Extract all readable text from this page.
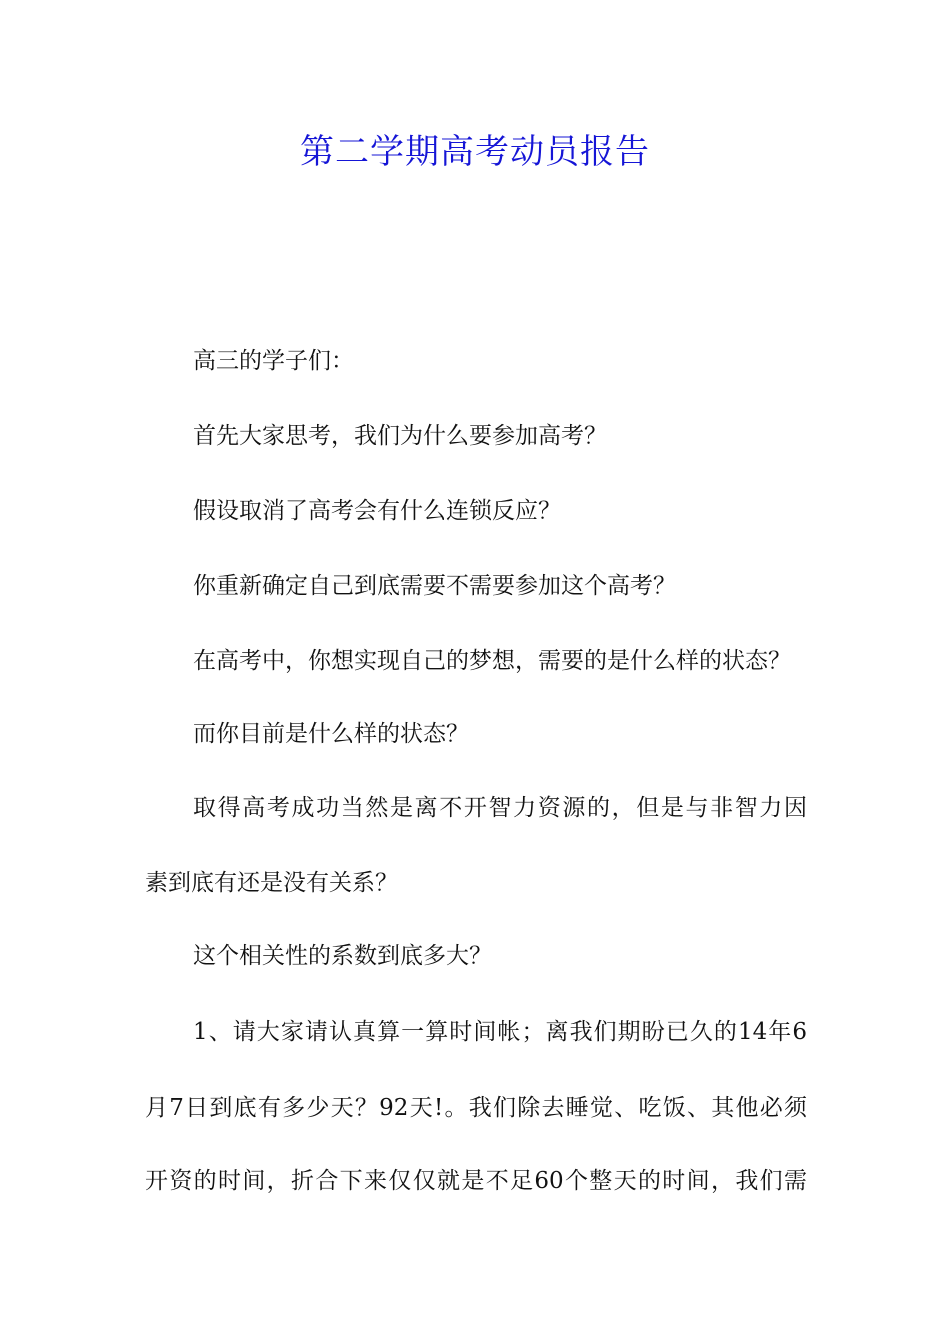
第二学期高考动员报告
高三的学子们：
首先大家思考，我们为什么要参加高考？
假设取消了高考会有什么连锁反应？
你重新确定自己到底需要不需要参加这个高考？
在高考中，你想实现自己的梦想，需要的是什么样的状态？
而你目前是什么样的状态？
取得高考成功当然是离不开智力资源的，但是与非智力因
素到底有还是没有关系？
这个相关性的系数到底多大？
1、请大家请认真算一算时间帐；离我们期盼已久的14年6
月7日到底有多少天？92天!。我们除去睡觉、吃饭、其他必须
开资的时间，折合下来仅仅就是不足60个整天的时间，我们需
